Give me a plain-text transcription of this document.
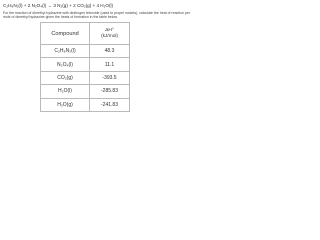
C₂H₈N₂(l) + 2 N₂O₄(l) → 3 N₂(g) + 2 CO₂(g) + 4 H₂O(l)
For the reaction of dimethyl hydrazine with dinitrogen tetroxide (used to propel rockets), calculate the heat of reaction per mole of dimethyl hydrazine given the heats of formation in the table below.
Compound	ΔH°
(kJ/mol)

C₂H₈N₂(l)	48.3
N₂O₄(l)	11.1
CO₂(g)	-393.5
H₂O(l)	-285.83
H₂O(g)	-241.83
